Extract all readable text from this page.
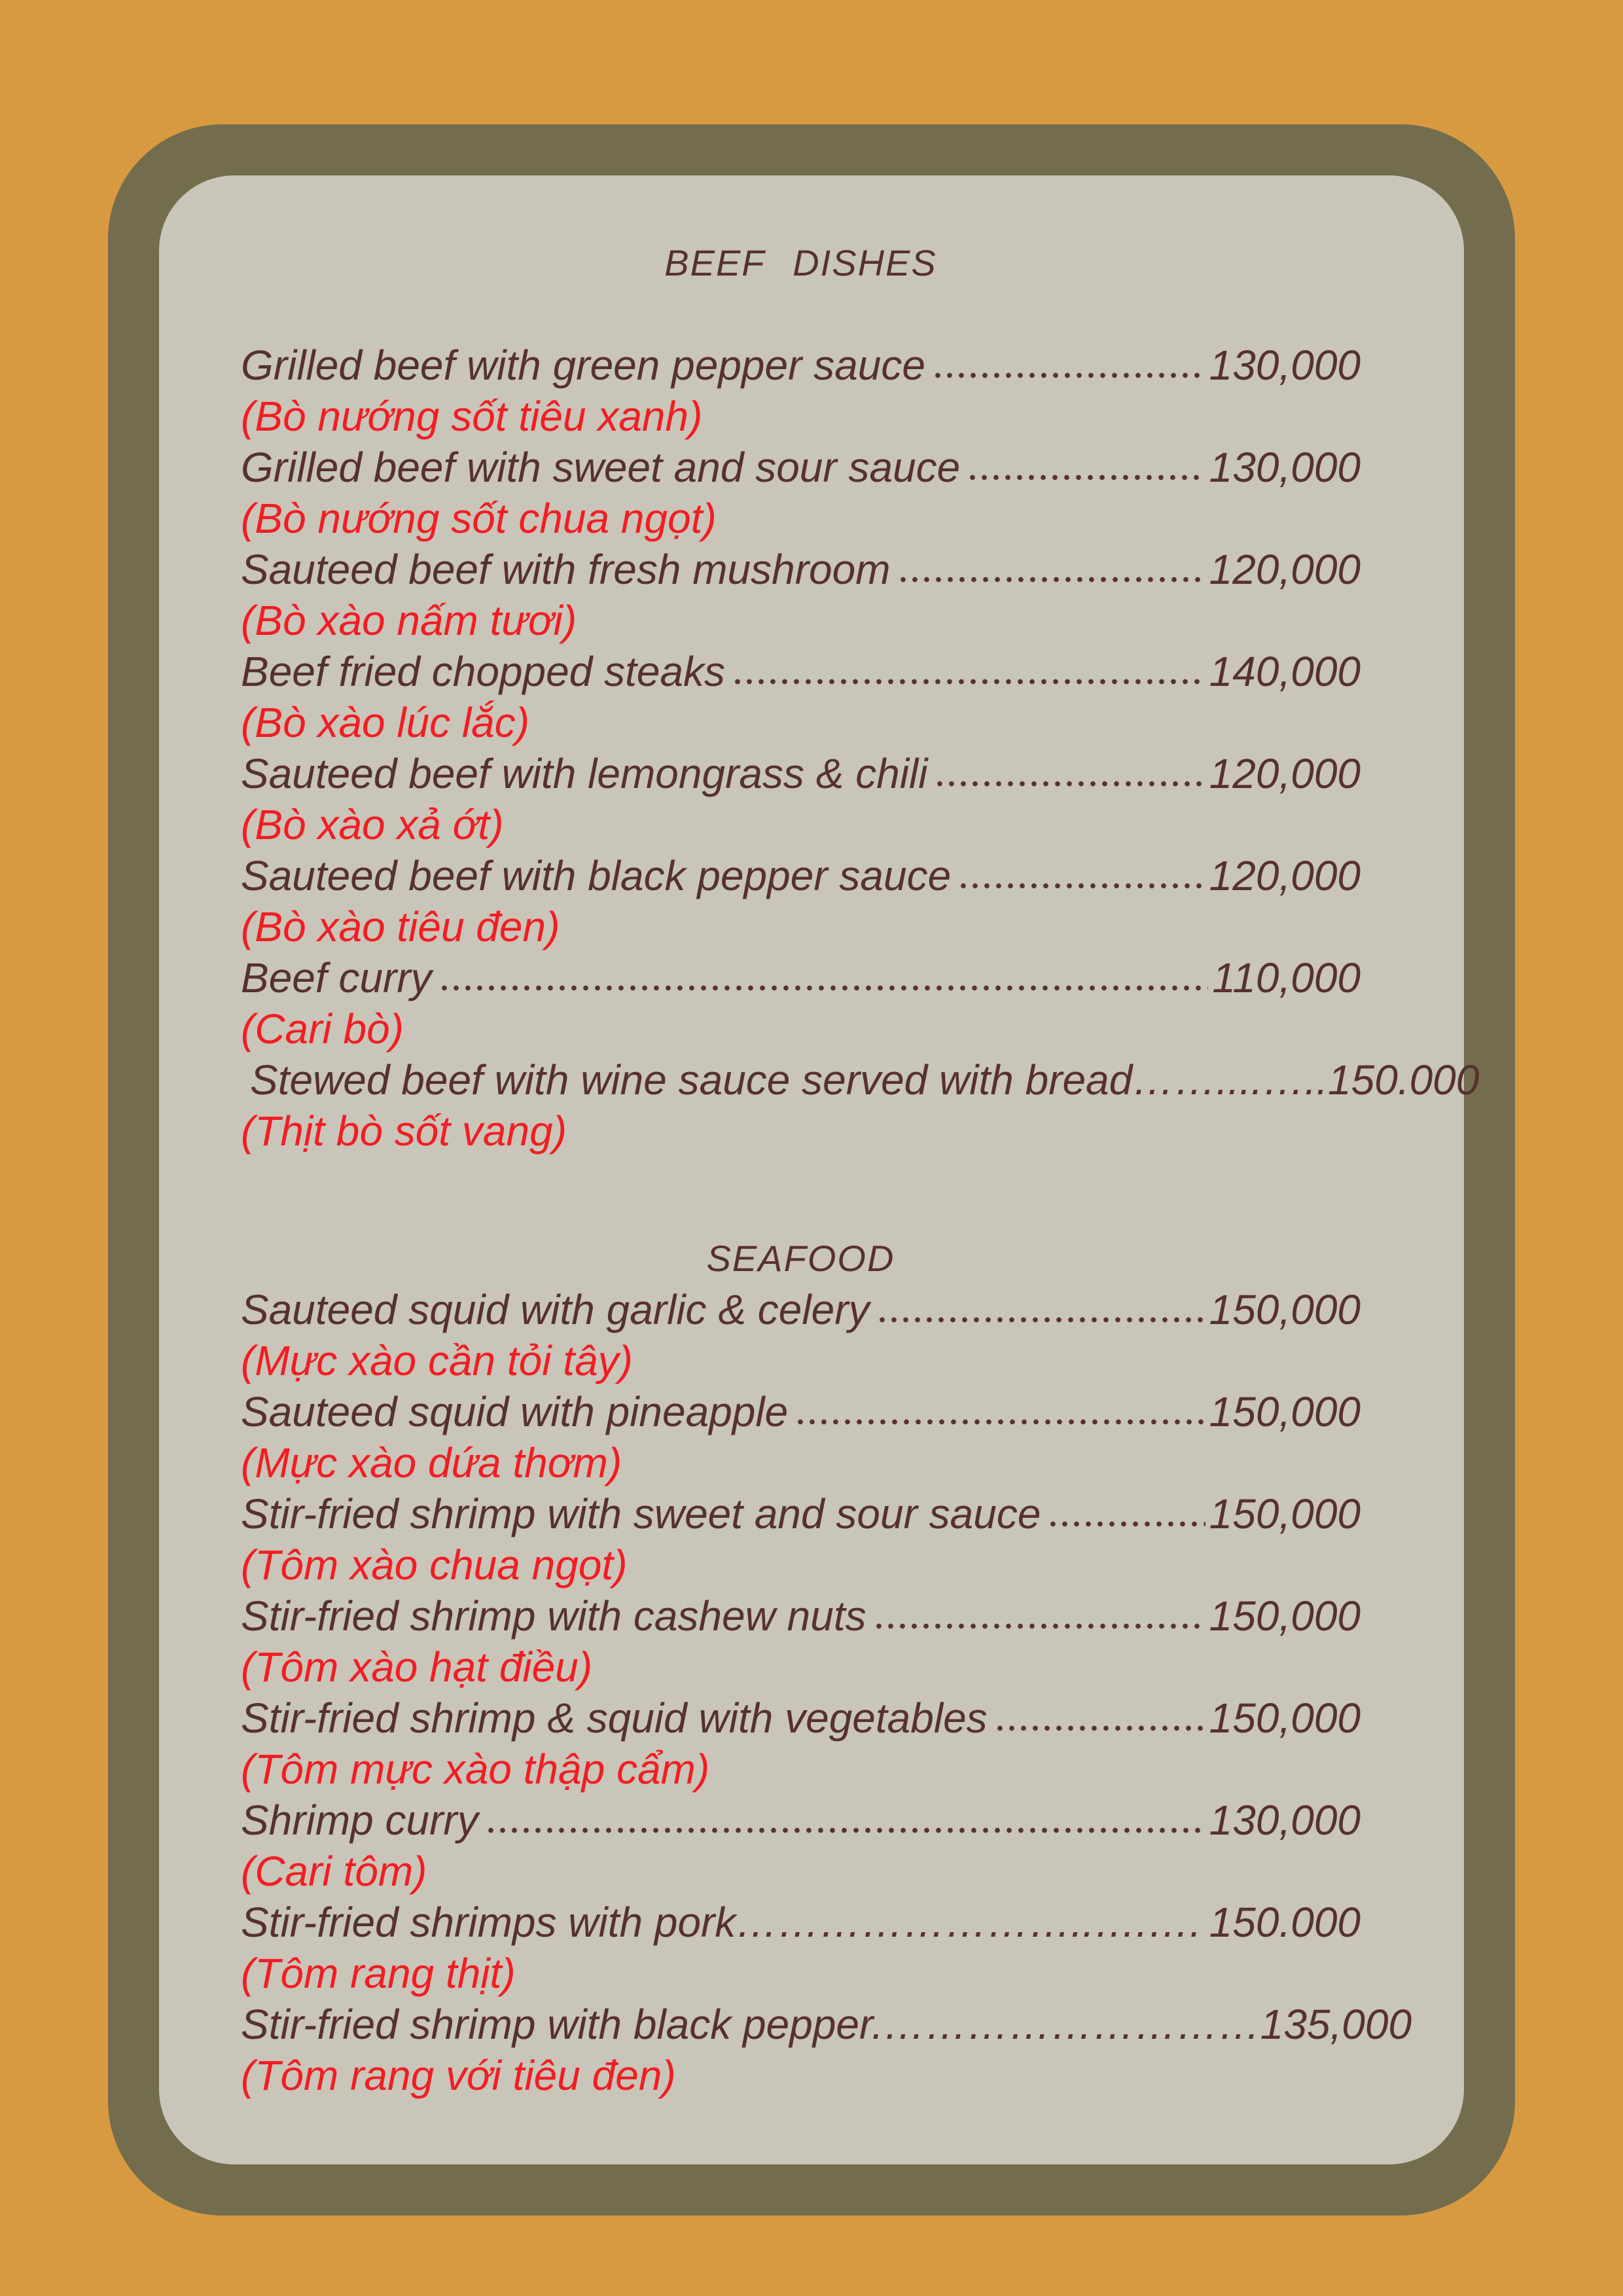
BEEF DISHES
Grilled beef with green pepper sauce	130,000
(Bò nướng sốt tiêu xanh)
Grilled beef with sweet and sour sauce	130,000
(Bò nướng sốt chua ngọt)
Sauteed beef with fresh mushroom	120,000
(Bò xào nấm tươi)
Beef fried chopped steaks	140,000
(Bò xào lúc lắc)
Sauteed beef with lemongrass & chili	120,000
(Bò xào xả ớt)
Sauteed beef with black pepper sauce	120,000
(Bò xào tiêu đen)
Beef curry	110,000
(Cari bò)
Stewed beef with wine sauce served with bread……....….. 150.000
(Thịt bò sốt vang)
SEAFOOD
Sauteed squid with garlic & celery	150,000
(Mực xào cần tỏi tây)
Sauteed squid with pineapple	150,000
(Mực xào dứa thơm)
Stir-fried shrimp with sweet and sour sauce	150,000
(Tôm xào chua ngọt)
Stir-fried shrimp with cashew nuts	150,000
(Tôm xào hạt điều)
Stir-fried shrimp & squid with vegetables	150,000
(Tôm mực xào thập cẩm)
Shrimp curry	130,000
(Cari tôm)
Stir-fried shrimps with pork……………………..….…. 150.000
(Tôm rang thịt)
Stir-fried shrimp with black pepper.……………………… 135,000
(Tôm rang với tiêu đen)
